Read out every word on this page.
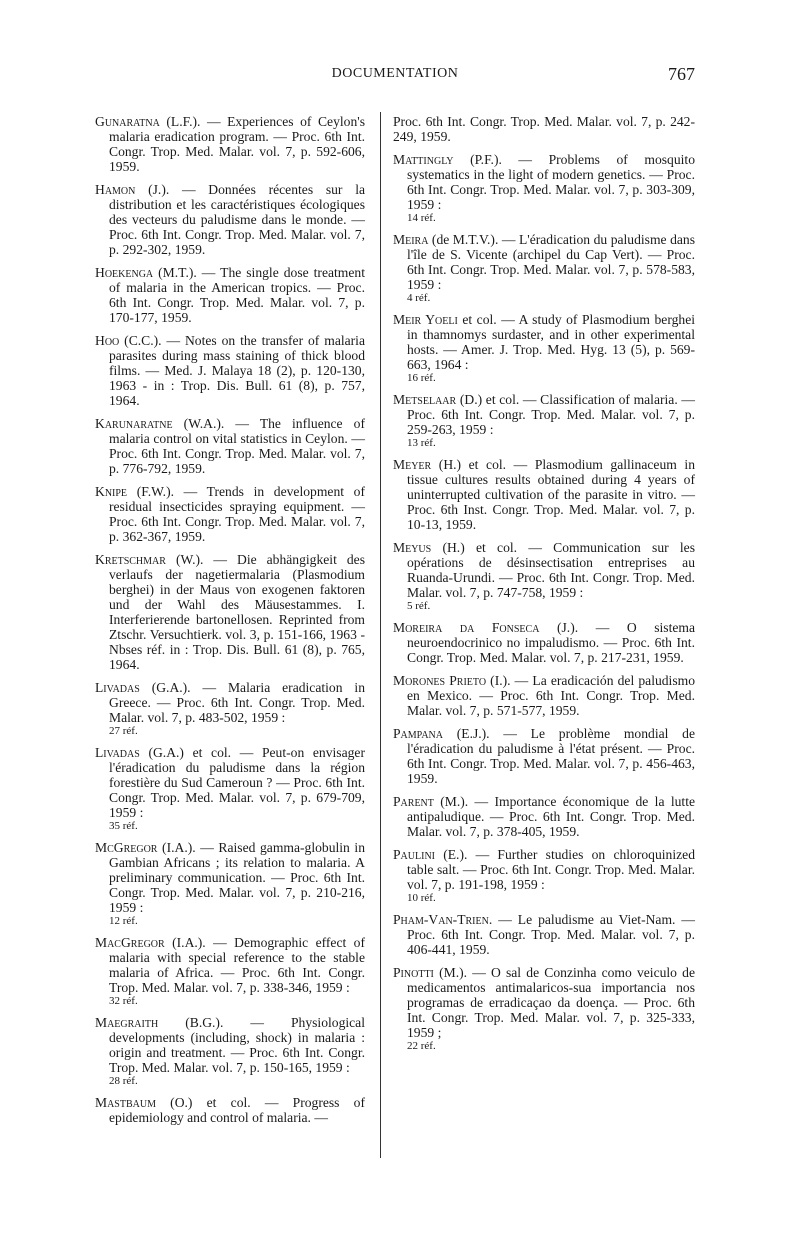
DOCUMENTATION	767

Gunaratna (L.F.). — Experiences of Ceylon's malaria eradication program. — Proc. 6th Int. Congr. Trop. Med. Malar. vol. 7, p. 592-606, 1959.

Hamon (J.). — Données récentes sur la distribution et les caractéristiques écologiques des vecteurs du paludisme dans le monde. — Proc. 6th Int. Congr. Trop. Med. Malar. vol. 7, p. 292-302, 1959.

Hoekenga (M.T.). — The single dose treatment of malaria in the American tropics. — Proc. 6th Int. Congr. Trop. Med. Malar. vol. 7, p. 170-177, 1959.

Hoo (C.C.). — Notes on the transfer of malaria parasites during mass staining of thick blood films. — Med. J. Malaya 18 (2), p. 120-130, 1963 - in : Trop. Dis. Bull. 61 (8), p. 757, 1964.

Karunaratne (W.A.). — The influence of malaria control on vital statistics in Ceylon. — Proc. 6th Int. Congr. Trop. Med. Malar. vol. 7, p. 776-792, 1959.

Knipe (F.W.). — Trends in development of residual insecticides spraying equipment. — Proc. 6th Int. Congr. Trop. Med. Malar. vol. 7, p. 362-367, 1959.

Kretschmar (W.). — Die abhängigkeit des verlaufs der nagetiermalaria (Plasmodium berghei) in der Maus von exogenen faktoren und der Wahl des Mäusestammes. I. Interferierende bartonellosen. Reprinted from Ztschr. Versuchtierk. vol. 3, p. 151-166, 1963 - Nbses réf. in : Trop. Dis. Bull. 61 (8), p. 765, 1964.

Livadas (G.A.). — Malaria eradication in Greece. — Proc. 6th Int. Congr. Trop. Med. Malar. vol. 7, p. 483-502, 1959 :
27 réf.

Livadas (G.A.) et col. — Peut-on envisager l'éradication du paludisme dans la région forestière du Sud Cameroun ? — Proc. 6th Int. Congr. Trop. Med. Malar. vol. 7, p. 679-709, 1959 :
35 réf.

McGregor (I.A.). — Raised gamma-globulin in Gambian Africans ; its relation to malaria. A preliminary communication. — Proc. 6th Int. Congr. Trop. Med. Malar. vol. 7, p. 210-216, 1959 :
12 réf.

MacGregor (I.A.). — Demographic effect of malaria with special reference to the stable malaria of Africa. — Proc. 6th Int. Congr. Trop. Med. Malar. vol. 7, p. 338-346, 1959 :
32 réf.

Maegraith (B.G.). — Physiological developments (including, shock) in malaria : origin and treatment. — Proc. 6th Int. Congr. Trop. Med. Malar. vol. 7, p. 150-165, 1959 :
28 réf.

Mastbaum (O.) et col. — Progress of epidemiology and control of malaria. —

Proc. 6th Int. Congr. Trop. Med. Malar. vol. 7, p. 242-249, 1959.

Mattingly (P.F.). — Problems of mosquito systematics in the light of modern genetics. — Proc. 6th Int. Congr. Trop. Med. Malar. vol. 7, p. 303-309, 1959 :
14 réf.

Meira (de M.T.V.). — L'éradication du paludisme dans l'île de S. Vicente (archipel du Cap Vert). — Proc. 6th Int. Congr. Trop. Med. Malar. vol. 7, p. 578-583, 1959 :
4 réf.

Meir Yoeli et col. — A study of Plasmodium berghei in thamnomys surdaster, and in other experimental hosts. — Amer. J. Trop. Med. Hyg. 13 (5), p. 569-663, 1964 :
16 réf.

Metselaar (D.) et col. — Classification of malaria. — Proc. 6th Int. Congr. Trop. Med. Malar. vol. 7, p. 259-263, 1959 :
13 réf.

Meyer (H.) et col. — Plasmodium gallinaceum in tissue cultures results obtained during 4 years of uninterrupted cultivation of the parasite in vitro. — Proc. 6th Inst. Congr. Trop. Med. Malar. vol. 7, p. 10-13, 1959.

Meyus (H.) et col. — Communication sur les opérations de désinsectisation entreprises au Ruanda-Urundi. — Proc. 6th Int. Congr. Trop. Med. Malar. vol. 7, p. 747-758, 1959 :
5 réf.

Moreira da Fonseca (J.). — O sistema neuroendocrinico no impaludismo. — Proc. 6th Int. Congr. Trop. Med. Malar. vol. 7, p. 217-231, 1959.

Morones Prieto (I.). — La eradicación del paludismo en Mexico. — Proc. 6th Int. Congr. Trop. Med. Malar. vol. 7, p. 571-577, 1959.

Pampana (E.J.). — Le problème mondial de l'éradication du paludisme à l'état présent. — Proc. 6th Int. Congr. Trop. Med. Malar. vol. 7, p. 456-463, 1959.

Parent (M.). — Importance économique de la lutte antipaludique. — Proc. 6th Int. Congr. Trop. Med. Malar. vol. 7, p. 378-405, 1959.

Paulini (E.). — Further studies on chloroquinized table salt. — Proc. 6th Int. Congr. Trop. Med. Malar. vol. 7, p. 191-198, 1959 :
10 réf.

Pham-Van-Trien. — Le paludisme au Viet-Nam. — Proc. 6th Int. Congr. Trop. Med. Malar. vol. 7, p. 406-441, 1959.

Pinotti (M.). — O sal de Conzinha como veiculo de medicamentos antimalaricos-sua importancia nos programas de erradicaçao da doença. — Proc. 6th Int. Congr. Trop. Med. Malar. vol. 7, p. 325-333, 1959 ;
22 réf.
